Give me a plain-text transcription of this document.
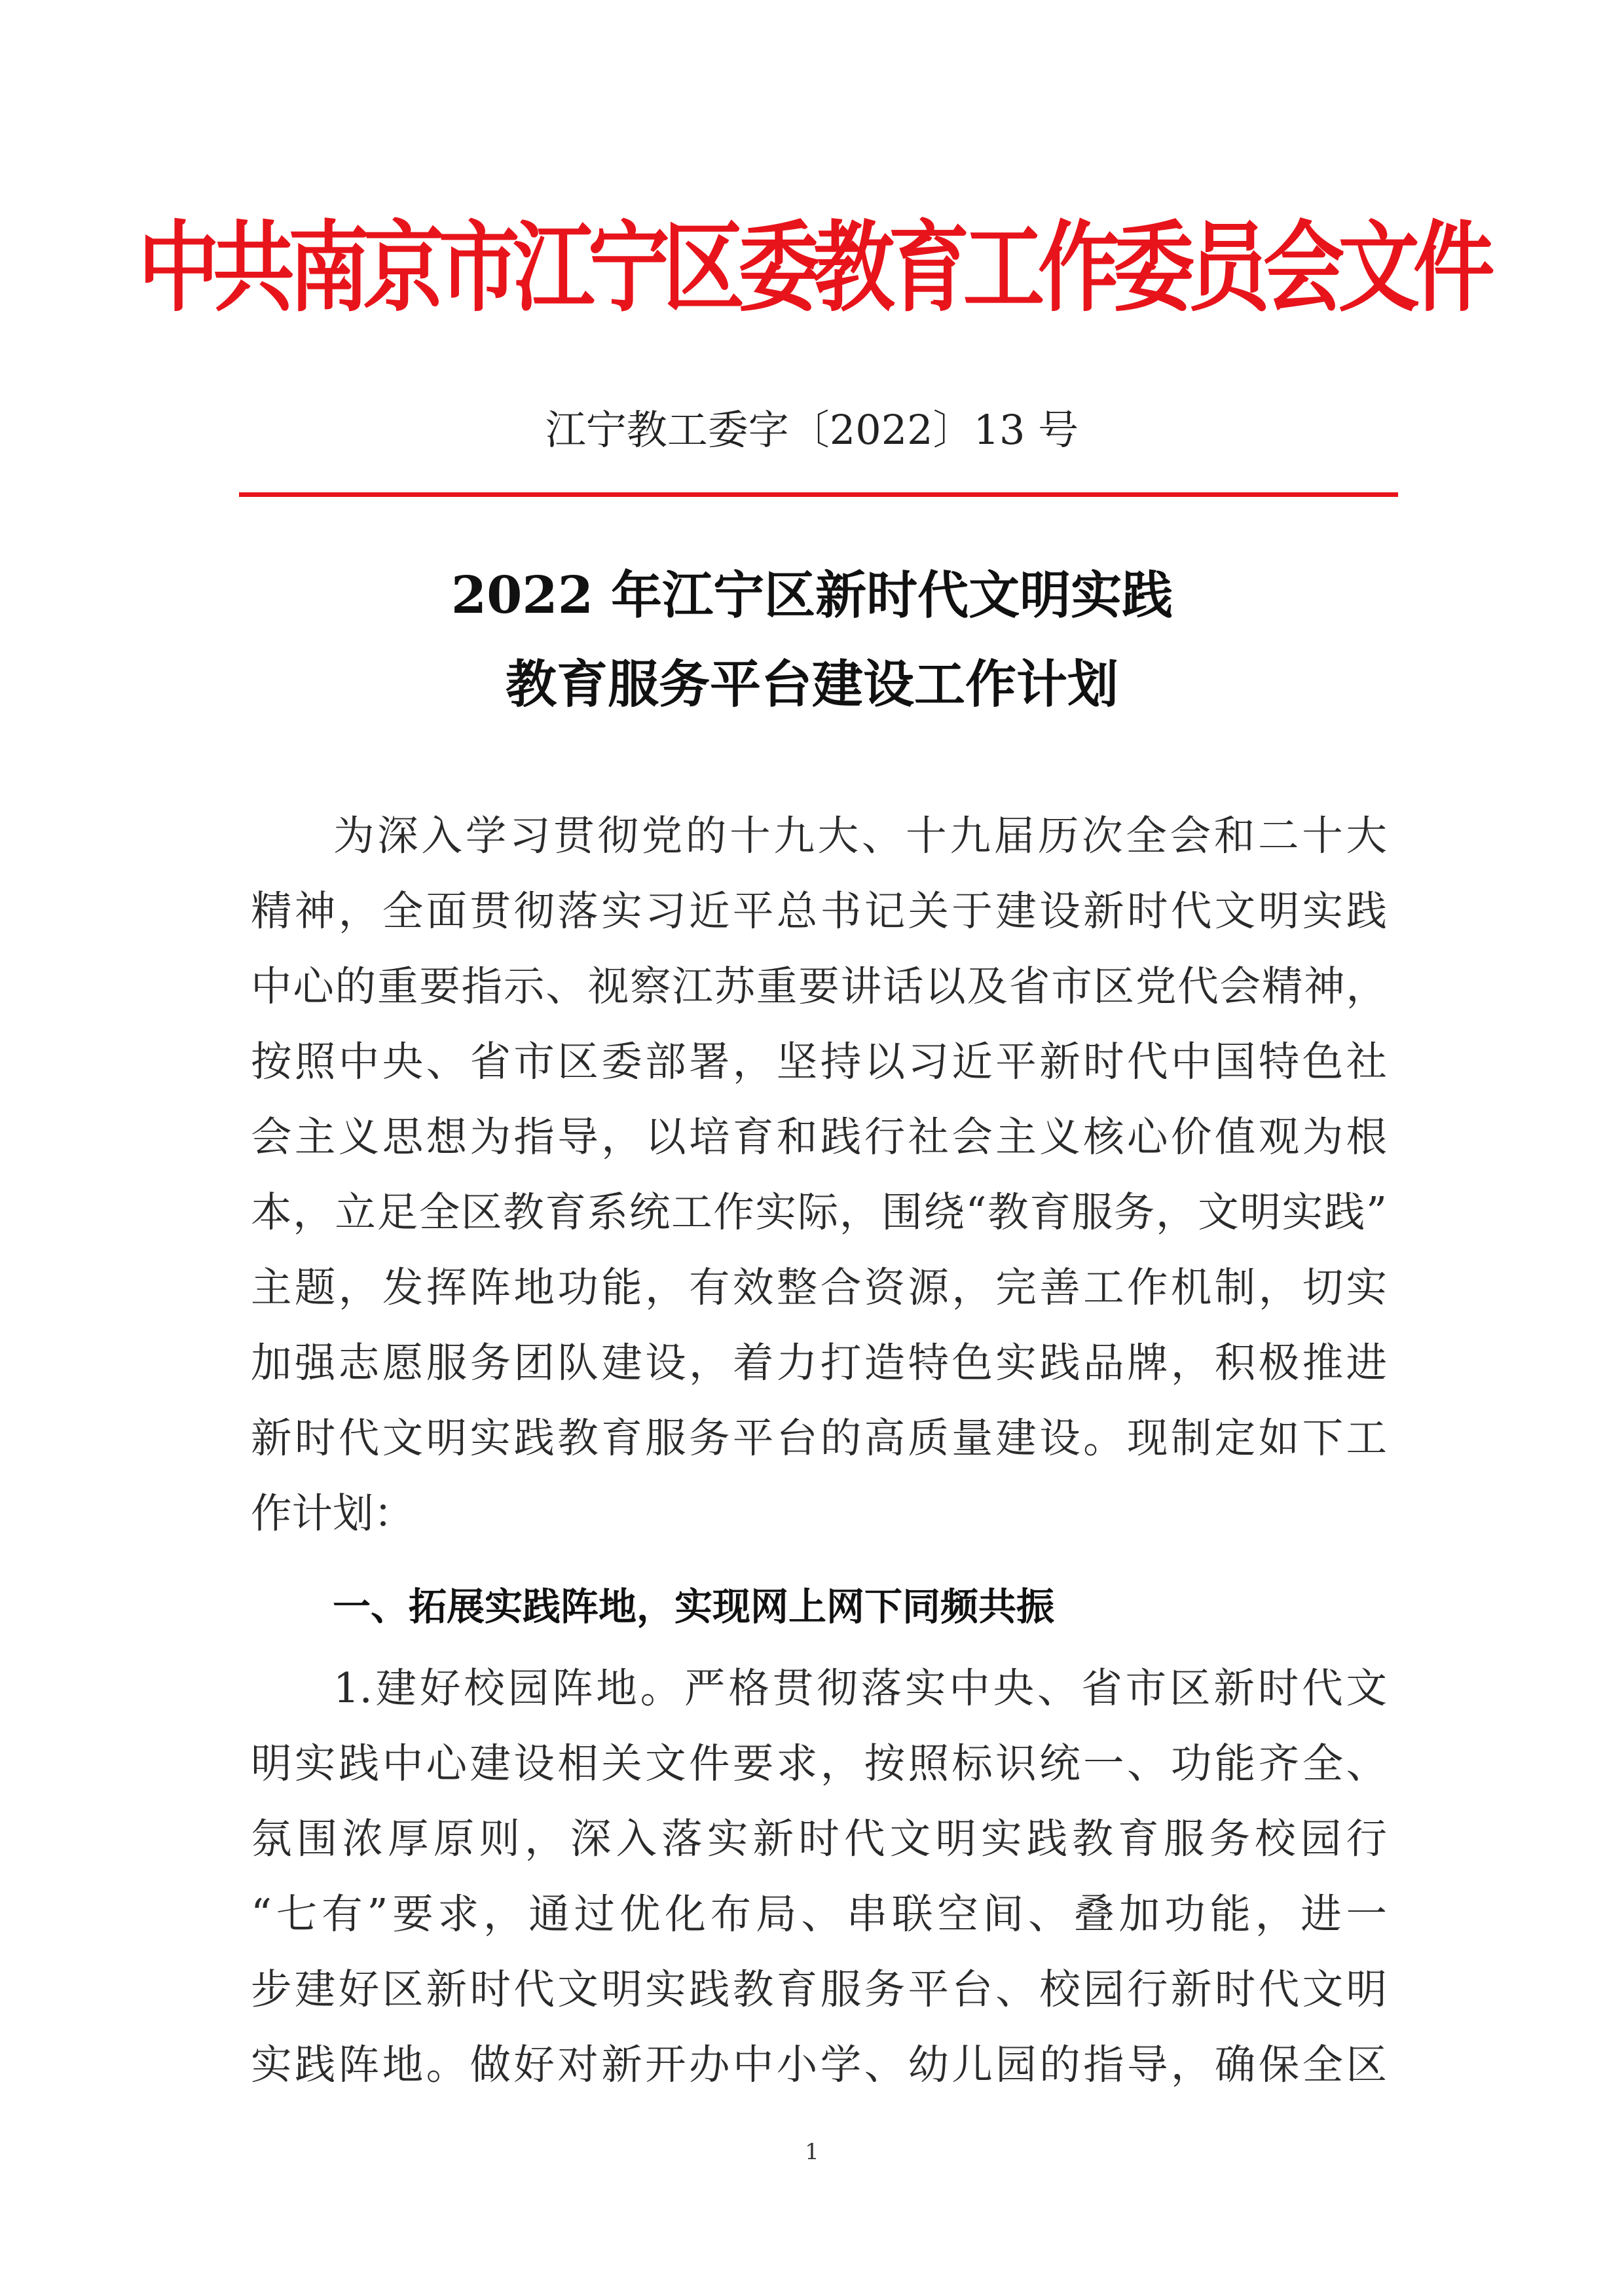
中共南京市江宁区委教育工作委员会文件
江宁教工委字〔2022〕13 号
2022 年江宁区新时代文明实践
教育服务平台建设工作计划
为深入学习贯彻党的十九大、十九届历次全会和二十大
精神，全面贯彻落实习近平总书记关于建设新时代文明实践
中心的重要指示、视察江苏重要讲话以及省市区党代会精神，
按照中央、省市区委部署，坚持以习近平新时代中国特色社
会主义思想为指导，以培育和践行社会主义核心价值观为根
本，立足全区教育系统工作实际，围绕“教育服务，文明实践”
主题，发挥阵地功能，有效整合资源，完善工作机制，切实
加强志愿服务团队建设，着力打造特色实践品牌，积极推进
新时代文明实践教育服务平台的高质量建设。现制定如下工
作计划：
一、拓展实践阵地，实现网上网下同频共振
1.建好校园阵地。严格贯彻落实中央、省市区新时代文
明实践中心建设相关文件要求，按照标识统一、功能齐全、
氛围浓厚原则，深入落实新时代文明实践教育服务校园行
“七有”要求，通过优化布局、串联空间、叠加功能，进一
步建好区新时代文明实践教育服务平台、校园行新时代文明
实践阵地。做好对新开办中小学、幼儿园的指导，确保全区
1
